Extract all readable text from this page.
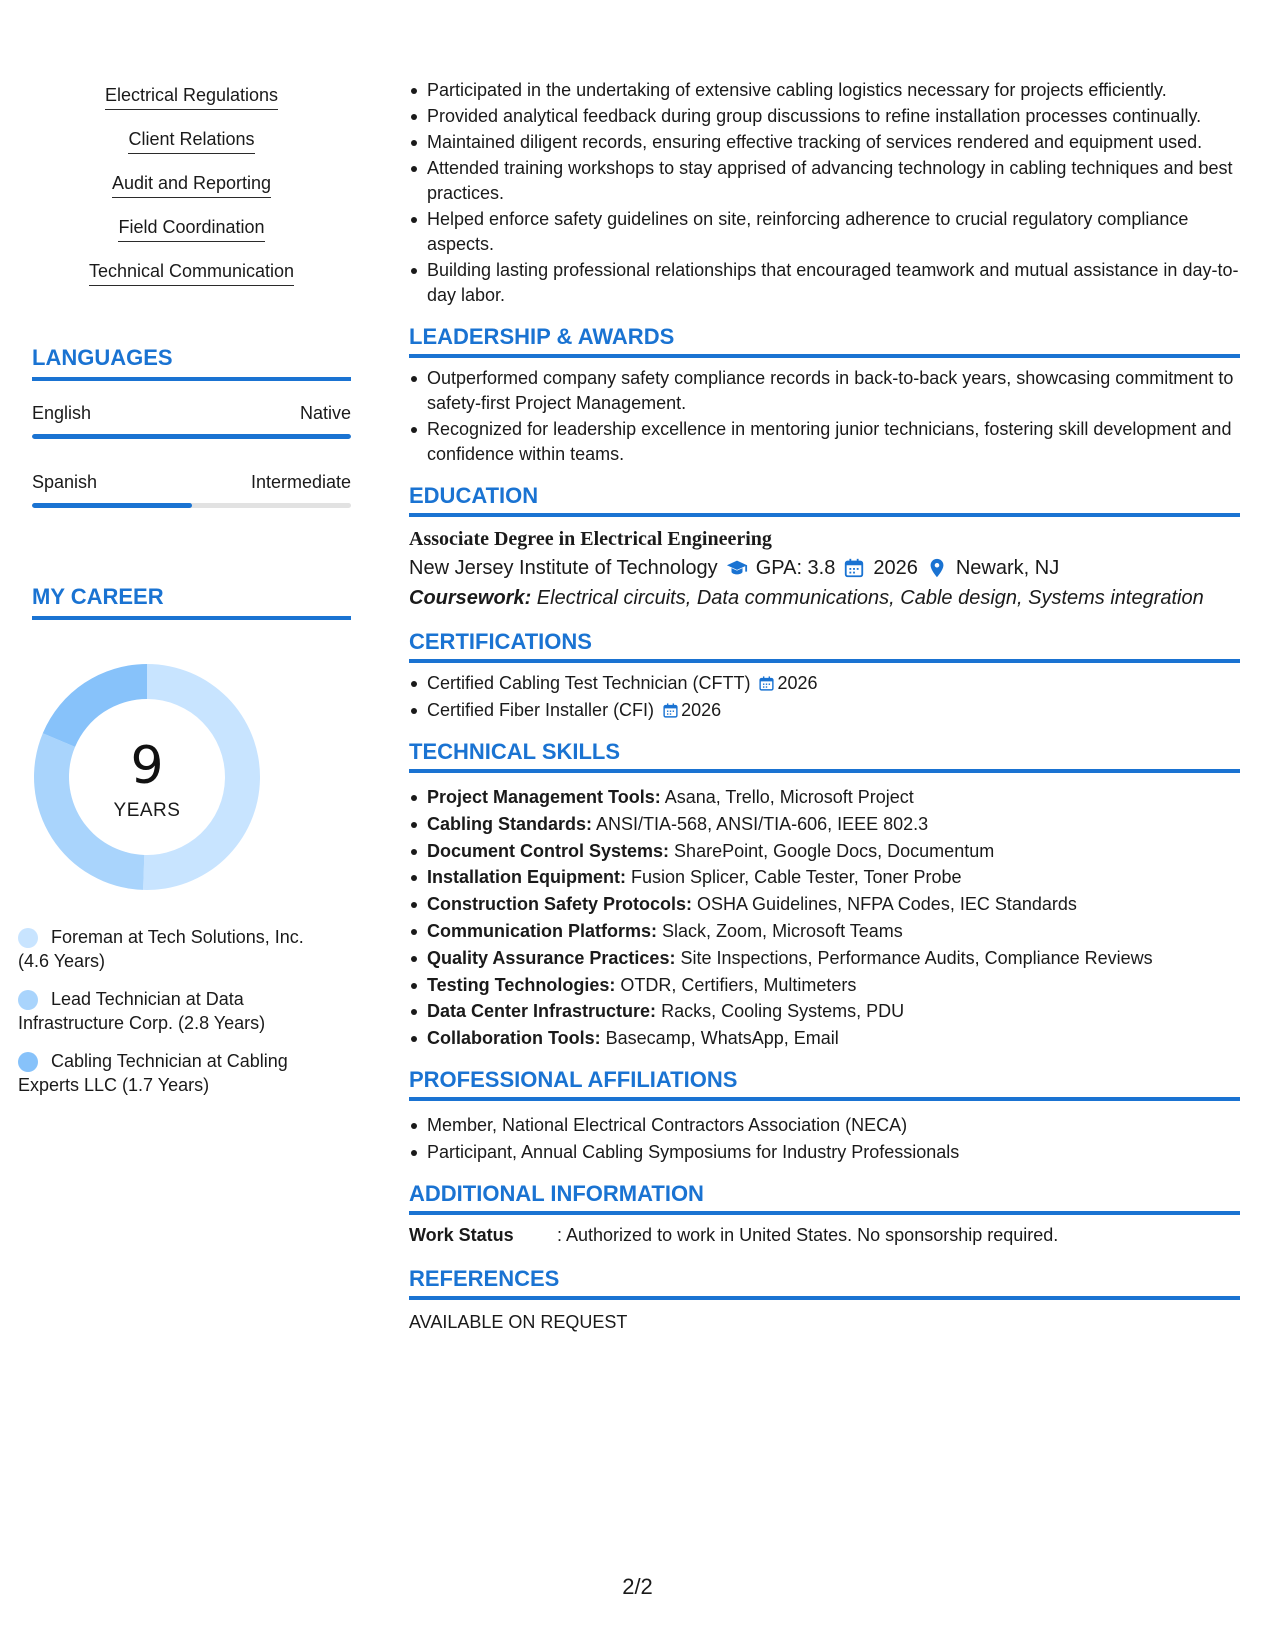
Electrical Regulations
Client Relations
Audit and Reporting
Field Coordination
Technical Communication
LANGUAGES
English	Native
Spanish	Intermediate
MY CAREER
9
YEARS
Foreman at Tech Solutions, Inc. (4.6 Years)
Lead Technician at Data Infrastructure Corp. (2.8 Years)
Cabling Technician at Cabling Experts LLC (1.7 Years)
Participated in the undertaking of extensive cabling logistics necessary for projects efficiently.
Provided analytical feedback during group discussions to refine installation processes continually.
Maintained diligent records, ensuring effective tracking of services rendered and equipment used.
Attended training workshops to stay apprised of advancing technology in cabling techniques and best practices.
Helped enforce safety guidelines on site, reinforcing adherence to crucial regulatory compliance aspects.
Building lasting professional relationships that encouraged teamwork and mutual assistance in day-to-day labor.
LEADERSHIP & AWARDS
Outperformed company safety compliance records in back-to-back years, showcasing commitment to safety-first Project Management.
Recognized for leadership excellence in mentoring junior technicians, fostering skill development and confidence within teams.
EDUCATION
Associate Degree in Electrical Engineering
New Jersey Institute of Technology GPA: 3.8 2026 Newark, NJ
Coursework: Electrical circuits, Data communications, Cable design, Systems integration
CERTIFICATIONS
Certified Cabling Test Technician (CFTT) 2026
Certified Fiber Installer (CFI) 2026
TECHNICAL SKILLS
Project Management Tools: Asana, Trello, Microsoft Project
Cabling Standards: ANSI/TIA-568, ANSI/TIA-606, IEEE 802.3
Document Control Systems: SharePoint, Google Docs, Documentum
Installation Equipment: Fusion Splicer, Cable Tester, Toner Probe
Construction Safety Protocols: OSHA Guidelines, NFPA Codes, IEC Standards
Communication Platforms: Slack, Zoom, Microsoft Teams
Quality Assurance Practices: Site Inspections, Performance Audits, Compliance Reviews
Testing Technologies: OTDR, Certifiers, Multimeters
Data Center Infrastructure: Racks, Cooling Systems, PDU
Collaboration Tools: Basecamp, WhatsApp, Email
PROFESSIONAL AFFILIATIONS
Member, National Electrical Contractors Association (NECA)
Participant, Annual Cabling Symposiums for Industry Professionals
ADDITIONAL INFORMATION
Work Status	: Authorized to work in United States. No sponsorship required.
REFERENCES
AVAILABLE ON REQUEST
2/2
